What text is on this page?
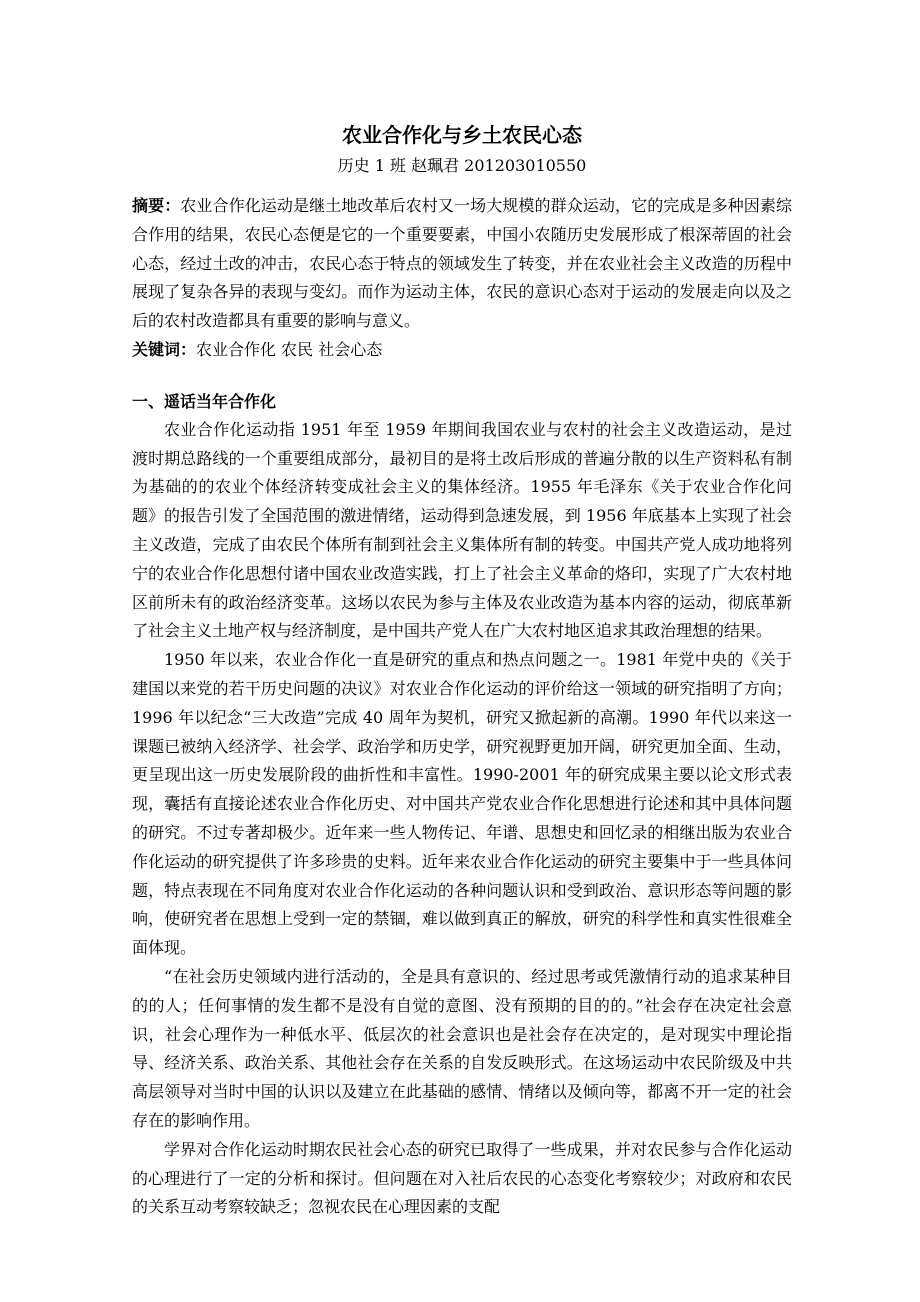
农业合作化与乡土农民心态

历史 1 班 赵珮君 201203010550

摘要：农业合作化运动是继土地改革后农村又一场大规模的群众运动，它的完成是多种因素综合作用的结果，农民心态便是它的一个重要要素，中国小农随历史发展形成了根深蒂固的社会心态，经过土改的冲击，农民心态于特点的领域发生了转变，并在农业社会主义改造的历程中展现了复杂各异的表现与变幻。而作为运动主体，农民的意识心态对于运动的发展走向以及之后的农村改造都具有重要的影响与意义。

关键词：农业合作化 农民 社会心态

一、遥话当年合作化

农业合作化运动指 1951 年至 1959 年期间我国农业与农村的社会主义改造运动，是过渡时期总路线的一个重要组成部分，最初目的是将土改后形成的普遍分散的以生产资料私有制为基础的的农业个体经济转变成社会主义的集体经济。1955 年毛泽东《关于农业合作化问题》的报告引发了全国范围的激进情绪，运动得到急速发展，到 1956 年底基本上实现了社会主义改造，完成了由农民个体所有制到社会主义集体所有制的转变。中国共产党人成功地将列宁的农业合作化思想付诸中国农业改造实践，打上了社会主义革命的烙印，实现了广大农村地区前所未有的政治经济变革。这场以农民为参与主体及农业改造为基本内容的运动，彻底革新了社会主义土地产权与经济制度，是中国共产党人在广大农村地区追求其政治理想的结果。

1950 年以来，农业合作化一直是研究的重点和热点问题之一。1981 年党中央的《关于建国以来党的若干历史问题的决议》对农业合作化运动的评价给这一领域的研究指明了方向；1996 年以纪念“三大改造”完成 40 周年为契机，研究又掀起新的高潮。1990 年代以来这一课题已被纳入经济学、社会学、政治学和历史学，研究视野更加开阔，研究更加全面、生动，更呈现出这一历史发展阶段的曲折性和丰富性。1990-2001 年的研究成果主要以论文形式表现，囊括有直接论述农业合作化历史、对中国共产党农业合作化思想进行论述和其中具体问题的研究。不过专著却极少。近年来一些人物传记、年谱、思想史和回忆录的相继出版为农业合作化运动的研究提供了许多珍贵的史料。近年来农业合作化运动的研究主要集中于一些具体问题，特点表现在不同角度对农业合作化运动的各种问题认识和受到政治、意识形态等问题的影响，使研究者在思想上受到一定的禁锢，难以做到真正的解放，研究的科学性和真实性很难全面体现。

“在社会历史领域内进行活动的，全是具有意识的、经过思考或凭激情行动的追求某种目的的人；任何事情的发生都不是没有自觉的意图、没有预期的目的的。”社会存在决定社会意识，社会心理作为一种低水平、低层次的社会意识也是社会存在决定的，是对现实中理论指导、经济关系、政治关系、其他社会存在关系的自发反映形式。在这场运动中农民阶级及中共高层领导对当时中国的认识以及建立在此基础的感情、情绪以及倾向等，都离不开一定的社会存在的影响作用。

学界对合作化运动时期农民社会心态的研究已取得了一些成果，并对农民参与合作化运动的心理进行了一定的分析和探讨。但问题在对入社后农民的心态变化考察较少；对政府和农民的关系互动考察较缺乏；忽视农民在心理因素的支配
